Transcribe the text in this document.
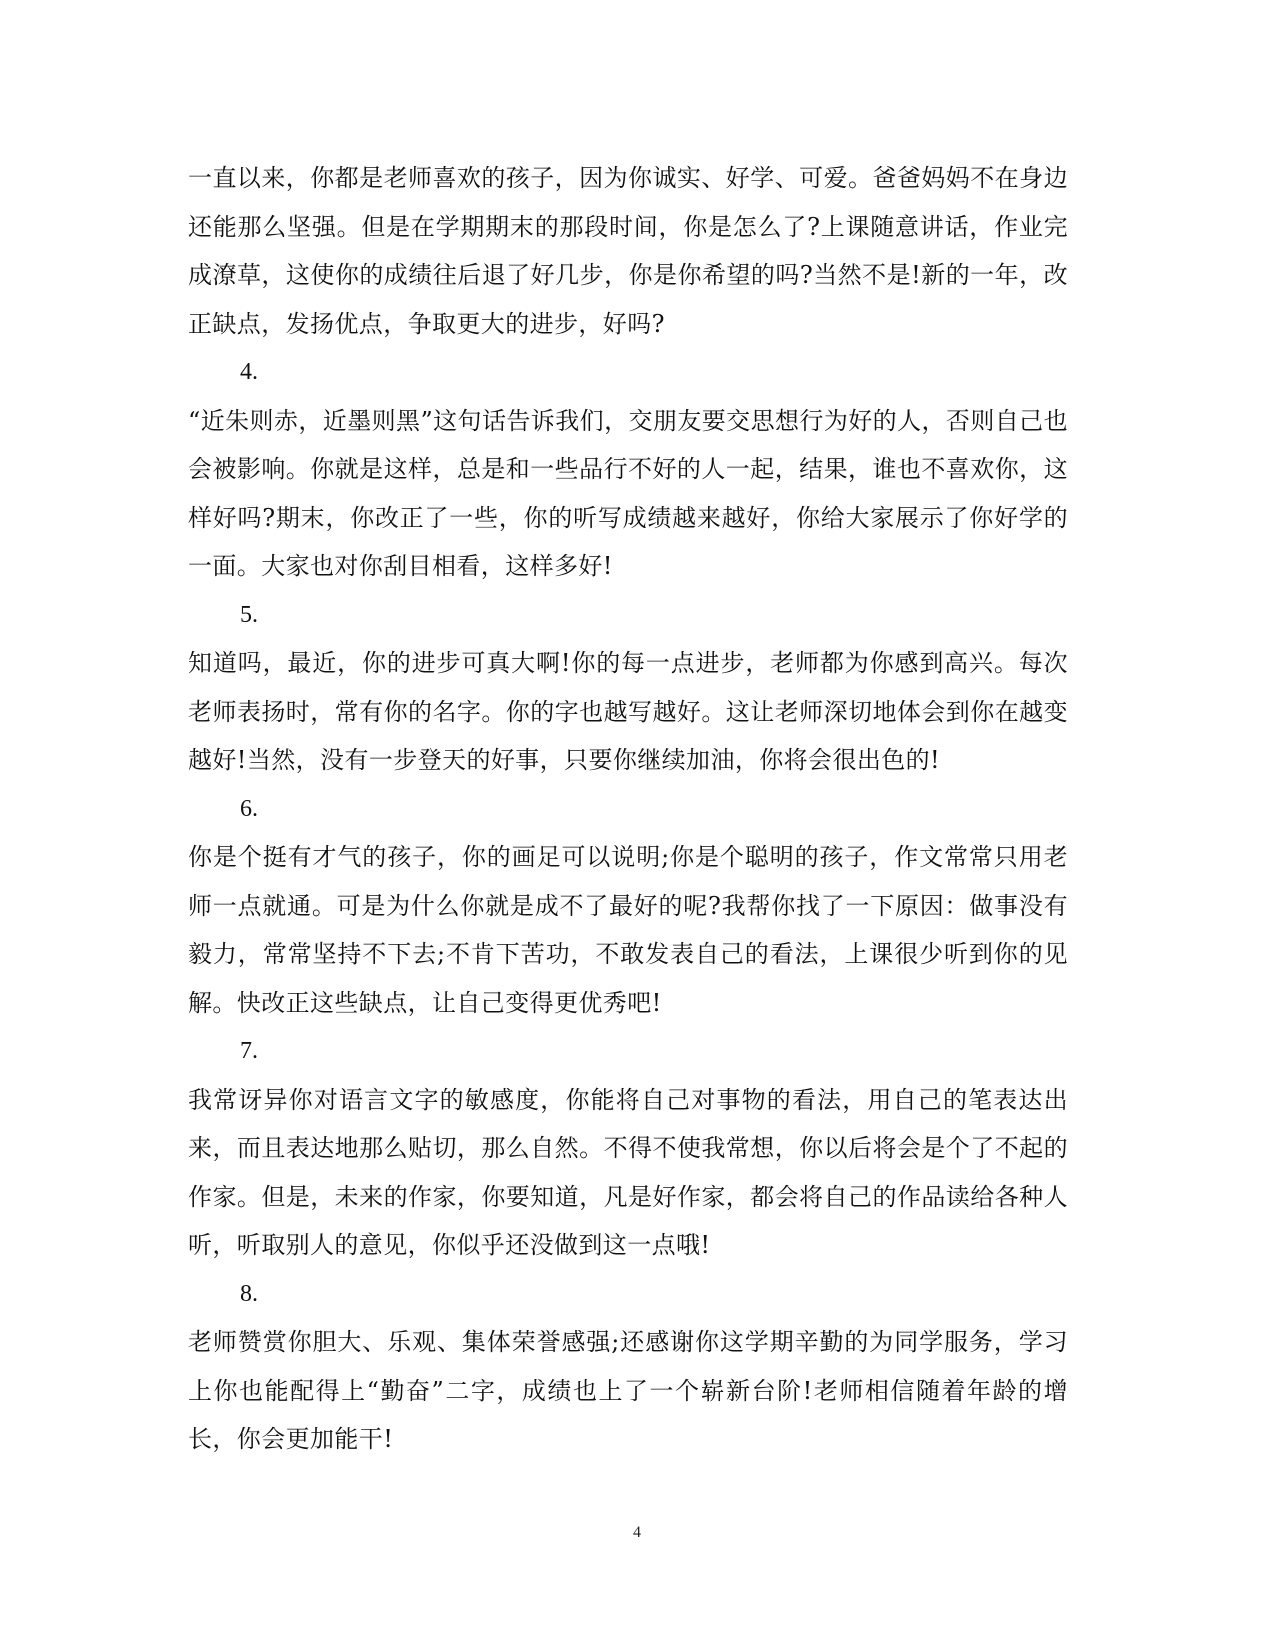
一直以来，你都是老师喜欢的孩子，因为你诚实、好学、可爱。爸爸妈妈不在身边还能那么坚强。但是在学期期末的那段时间，你是怎么了?上课随意讲话，作业完成潦草，这使你的成绩往后退了好几步，你是你希望的吗?当然不是!新的一年，改正缺点，发扬优点，争取更大的进步，好吗?

4.

“近朱则赤，近墨则黑”这句话告诉我们，交朋友要交思想行为好的人，否则自己也会被影响。你就是这样，总是和一些品行不好的人一起，结果，谁也不喜欢你，这样好吗?期末，你改正了一些，你的听写成绩越来越好，你给大家展示了你好学的一面。大家也对你刮目相看，这样多好!

5.

知道吗，最近，你的进步可真大啊!你的每一点进步，老师都为你感到高兴。每次老师表扬时，常有你的名字。你的字也越写越好。这让老师深切地体会到你在越变越好!当然，没有一步登天的好事，只要你继续加油，你将会很出色的!

6.

你是个挺有才气的孩子，你的画足可以说明;你是个聪明的孩子，作文常常只用老师一点就通。可是为什么你就是成不了最好的呢?我帮你找了一下原因：做事没有毅力，常常坚持不下去;不肯下苦功，不敢发表自己的看法，上课很少听到你的见解。快改正这些缺点，让自己变得更优秀吧!

7.

我常讶异你对语言文字的敏感度，你能将自己对事物的看法，用自己的笔表达出来，而且表达地那么贴切，那么自然。不得不使我常想，你以后将会是个了不起的作家。但是，未来的作家，你要知道，凡是好作家，都会将自己的作品读给各种人听，听取别人的意见，你似乎还没做到这一点哦!

8.

老师赞赏你胆大、乐观、集体荣誉感强;还感谢你这学期辛勤的为同学服务，学习上你也能配得上“勤奋”二字，成绩也上了一个崭新台阶!老师相信随着年龄的增长，你会更加能干!

4
